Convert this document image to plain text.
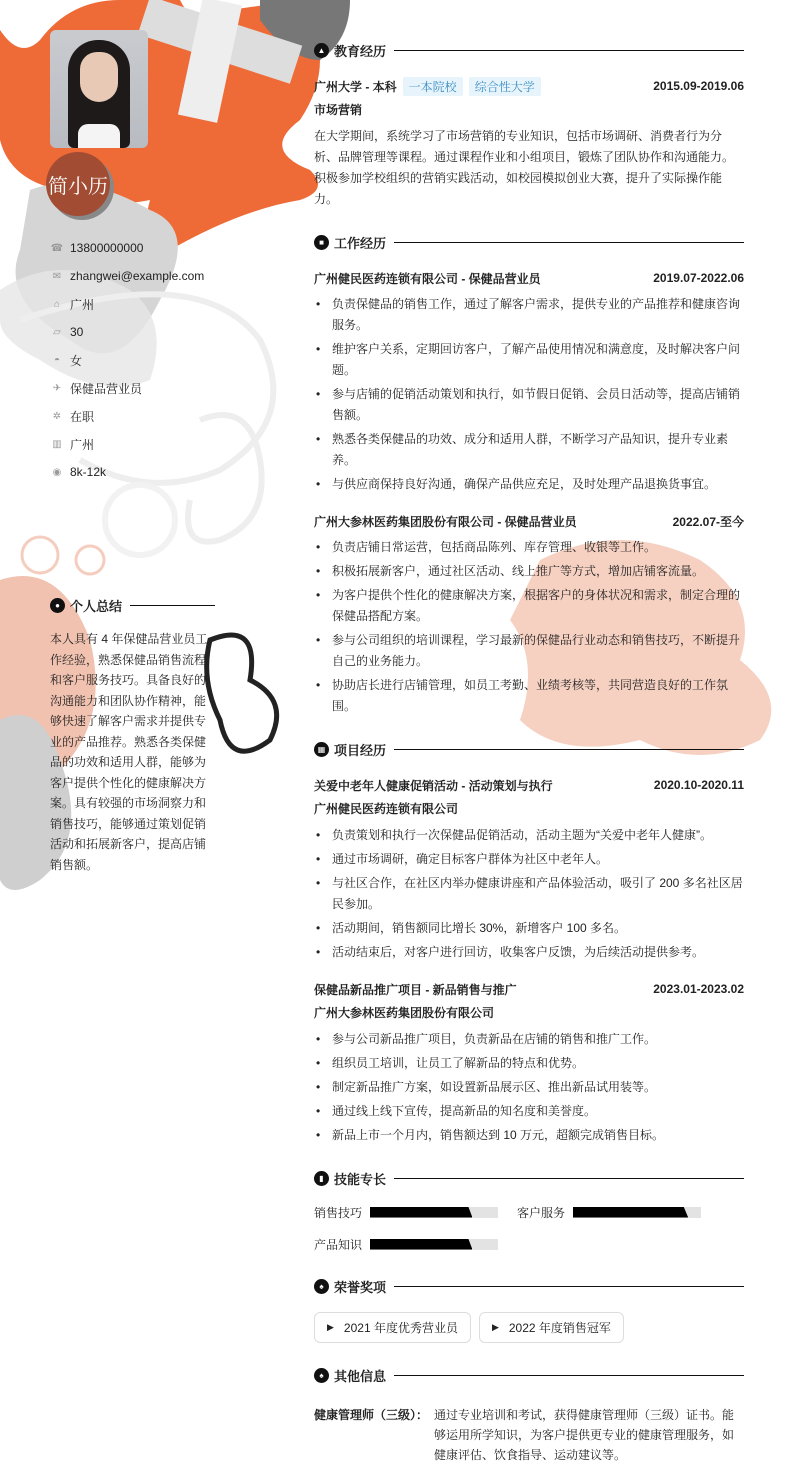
简小历
☎ 13800000000
✉ zhangwei@example.com
⌂ 广州
▱ 30
◓ 女
✈ 保健品营业员
✲ 在职
▥ 广州
◉ 8k-12k
● 个人总结
本人具有 4 年保健品营业员工作经验，熟悉保健品销售流程和客户服务技巧。具备良好的沟通能力和团队协作精神，能够快速了解客户需求并提供专业的产品推荐。熟悉各类保健品的功效和适用人群，能够为客户提供个性化的健康解决方案。具有较强的市场洞察力和销售技巧，能够通过策划促销活动和拓展新客户，提高店铺销售额。
▲ 教育经历
广州大学 - 本科	一本院校	综合性大学	2015.09-2019.06
市场营销
在大学期间，系统学习了市场营销的专业知识，包括市场调研、消费者行为分析、品牌管理等课程。通过课程作业和小组项目，锻炼了团队协作和沟通能力。积极参加学校组织的营销实践活动，如校园模拟创业大赛，提升了实际操作能力。
■ 工作经历
广州健民医药连锁有限公司 - 保健品营业员	2019.07-2022.06
• 负责保健品的销售工作，通过了解客户需求，提供专业的产品推荐和健康咨询服务。
• 维护客户关系，定期回访客户，了解产品使用情况和满意度，及时解决客户问题。
• 参与店铺的促销活动策划和执行，如节假日促销、会员日活动等，提高店铺销售额。
• 熟悉各类保健品的功效、成分和适用人群，不断学习产品知识，提升专业素养。
• 与供应商保持良好沟通，确保产品供应充足，及时处理产品退换货事宜。
广州大参林医药集团股份有限公司 - 保健品营业员	2022.07-至今
• 负责店铺日常运营，包括商品陈列、库存管理、收银等工作。
• 积极拓展新客户，通过社区活动、线上推广等方式，增加店铺客流量。
• 为客户提供个性化的健康解决方案，根据客户的身体状况和需求，制定合理的保健品搭配方案。
• 参与公司组织的培训课程，学习最新的保健品行业动态和销售技巧，不断提升自己的业务能力。
• 协助店长进行店铺管理，如员工考勤、业绩考核等，共同营造良好的工作氛围。
▦ 项目经历
关爱中老年人健康促销活动 - 活动策划与执行	2020.10-2020.11
广州健民医药连锁有限公司
• 负责策划和执行一次保健品促销活动，活动主题为“关爱中老年人健康”。
• 通过市场调研，确定目标客户群体为社区中老年人。
• 与社区合作，在社区内举办健康讲座和产品体验活动，吸引了 200 多名社区居民参加。
• 活动期间，销售额同比增长 30%，新增客户 100 多名。
• 活动结束后，对客户进行回访，收集客户反馈，为后续活动提供参考。
保健品新品推广项目 - 新品销售与推广	2023.01-2023.02
广州大参林医药集团股份有限公司
• 参与公司新品推广项目，负责新品在店铺的销售和推广工作。
• 组织员工培训，让员工了解新品的特点和优势。
• 制定新品推广方案，如设置新品展示区、推出新品试用装等。
• 通过线上线下宣传，提高新品的知名度和美誉度。
• 新品上市一个月内，销售额达到 10 万元，超额完成销售目标。
▮ 技能专长
销售技巧	客户服务
产品知识
♠ 荣誉奖项
▶ 2021 年度优秀营业员	▶ 2022 年度销售冠军
♠ 其他信息
健康管理师（三级）： 通过专业培训和考试，获得健康管理师（三级）证书。能够运用所学知识，为客户提供更专业的健康管理服务，如健康评估、饮食指导、运动建议等。
